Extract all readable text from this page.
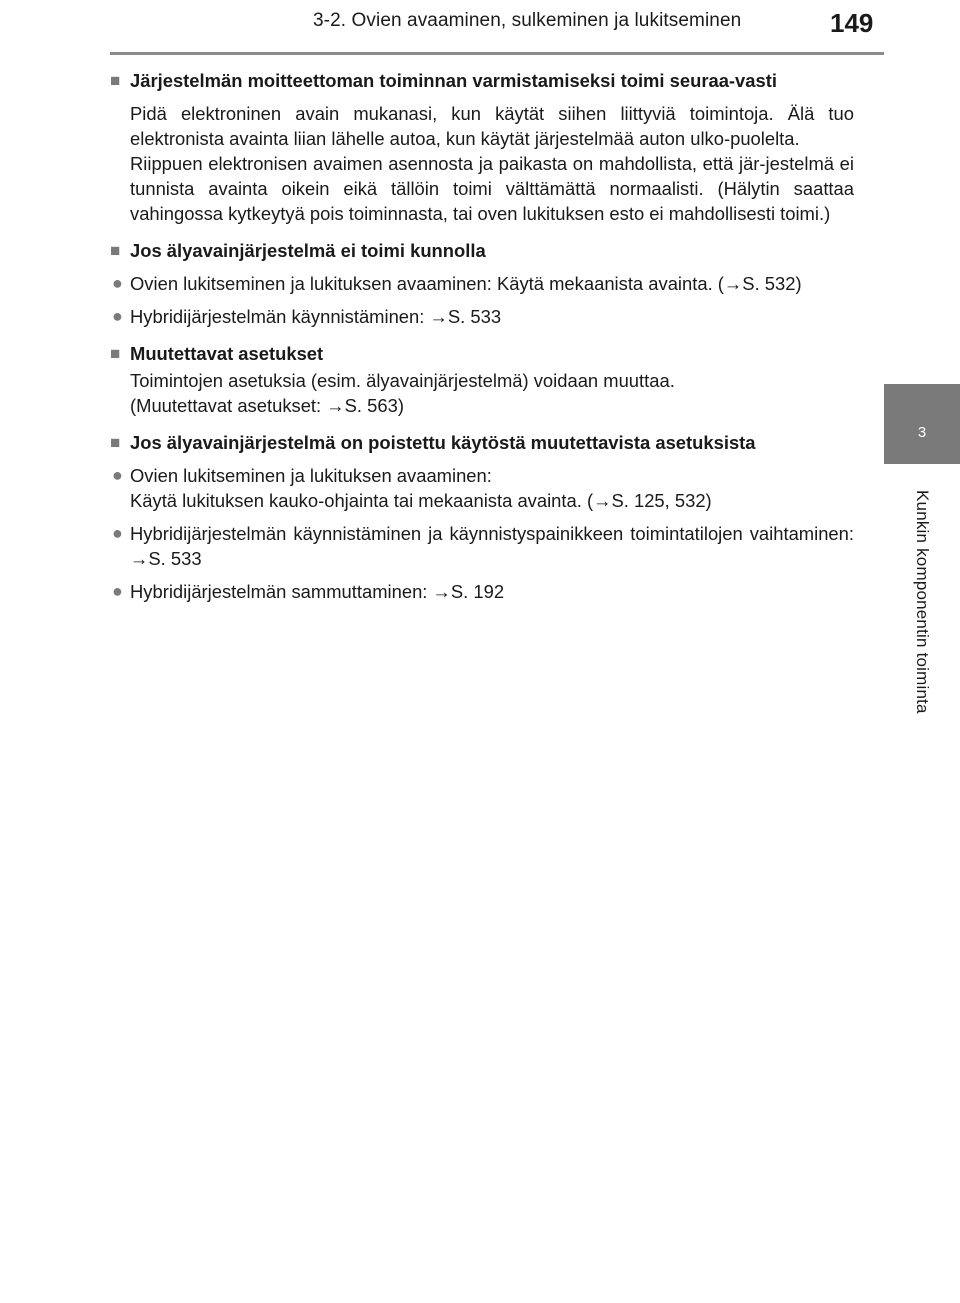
3-2. Ovien avaaminen, sulkeminen ja lukitseminen	149
3
Kunkin komponentin toiminta
■ Järjestelmän moitteettoman toiminnan varmistamiseksi toimi seuraa-vasti
Pidä elektroninen avain mukanasi, kun käytät siihen liittyviä toimintoja. Älä tuo elektronista avainta liian lähelle autoa, kun käytät järjestelmää auton ulko-puolelta.
Riippuen elektronisen avaimen asennosta ja paikasta on mahdollista, että jär-jestelmä ei tunnista avainta oikein eikä tällöin toimi välttämättä normaalisti. (Hälytin saattaa vahingossa kytkeytyä pois toiminnasta, tai oven lukituksen esto ei mahdollisesti toimi.)
■ Jos älyavainjärjestelmä ei toimi kunnolla
● Ovien lukitseminen ja lukituksen avaaminen: Käytä mekaanista avainta. (→S. 532)
● Hybridijärjestelmän käynnistäminen: →S. 533
■ Muutettavat asetukset
Toimintojen asetuksia (esim. älyavainjärjestelmä) voidaan muuttaa.
(Muutettavat asetukset: →S. 563)
■ Jos älyavainjärjestelmä on poistettu käytöstä muutettavista asetuksista
● Ovien lukitseminen ja lukituksen avaaminen:
Käytä lukituksen kauko-ohjainta tai mekaanista avainta. (→S. 125, 532)
● Hybridijärjestelmän käynnistäminen ja käynnistyspainikkeen toimintatilojen vaihtaminen: →S. 533
● Hybridijärjestelmän sammuttaminen: →S. 192
